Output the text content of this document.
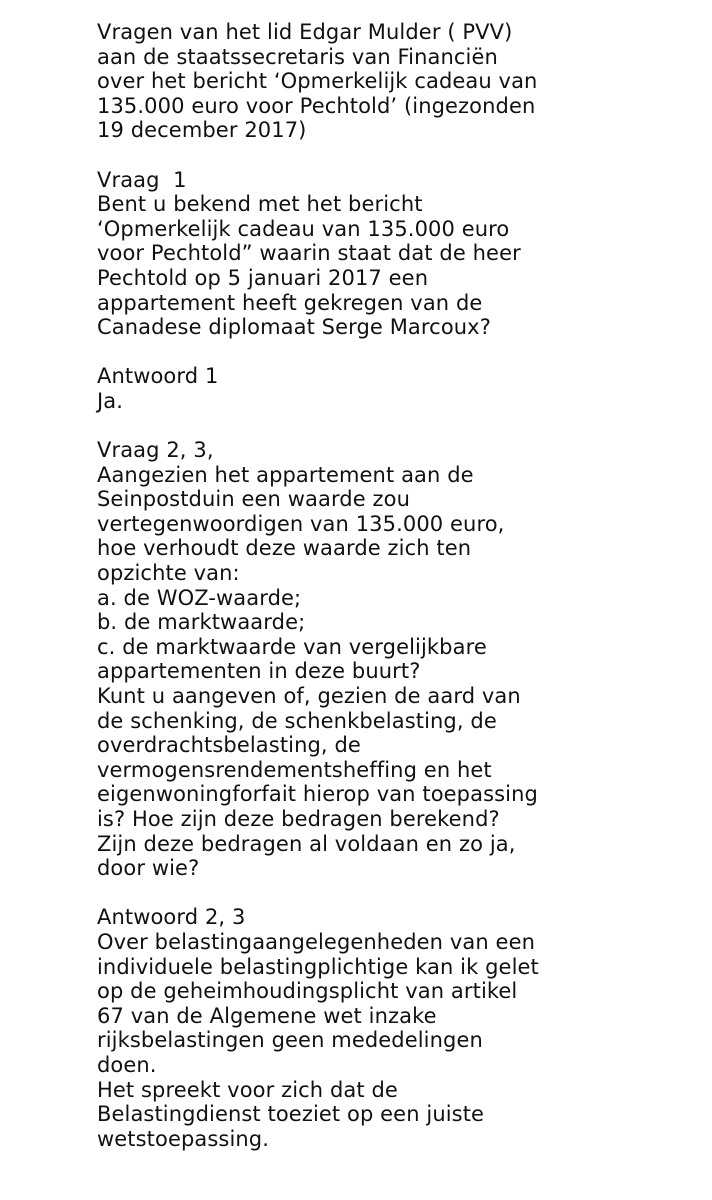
Vragen van het lid Edgar Mulder ( PVV)
aan de staatssecretaris van Financiën
over het bericht ‘Opmerkelijk cadeau van
135.000 euro voor Pechtold’ (ingezonden
19 december 2017)
Vraag  1
Bent u bekend met het bericht
‘Opmerkelijk cadeau van 135.000 euro
voor Pechtold” waarin staat dat de heer
Pechtold op 5 januari 2017 een
appartement heeft gekregen van de
Canadese diplomaat Serge Marcoux?
Antwoord 1
Ja.
Vraag 2, 3,
Aangezien het appartement aan de
Seinpostduin een waarde zou
vertegenwoordigen van 135.000 euro,
hoe verhoudt deze waarde zich ten
opzichte van:
a. de WOZ-waarde;
b. de marktwaarde;
c. de marktwaarde van vergelijkbare
appartementen in deze buurt?
Kunt u aangeven of, gezien de aard van
de schenking, de schenkbelasting, de
overdrachtsbelasting, de
vermogensrendementsheffing en het
eigenwoningforfait hierop van toepassing
is? Hoe zijn deze bedragen berekend?
Zijn deze bedragen al voldaan en zo ja,
door wie?
Antwoord 2, 3
Over belastingaangelegenheden van een
individuele belastingplichtige kan ik gelet
op de geheimhoudingsplicht van artikel
67 van de Algemene wet inzake
rijksbelastingen geen mededelingen
doen.
Het spreekt voor zich dat de
Belastingdienst toeziet op een juiste
wetstoepassing.
